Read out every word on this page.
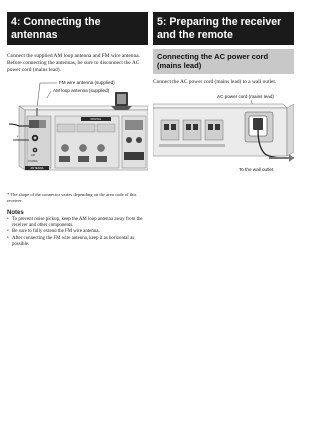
4: Connecting the antennas
Connect the supplied AM loop antenna and FM wire antenna.
Before connecting the antennas, be sure to disconnect the AC power cord (mains lead).
FM wire antenna (supplied)
AM loop antenna (supplied)
*
DIGITAL
ANTENNA
AM
COAXIAL
* The shape of the connector varies depending on the area code of this receiver.
Notes
• To prevent noise pickup, keep the AM loop antenna away from the receiver and other components.
• Be sure to fully extend the FM wire antenna.
• After connecting the FM wire antenna, keep it as horizontal as possible.
5: Preparing the receiver and the remote
Connecting the AC power cord (mains lead)
Connect the AC power cord (mains lead) to a wall outlet.
AC power cord (mains lead)
To the wall outlet
